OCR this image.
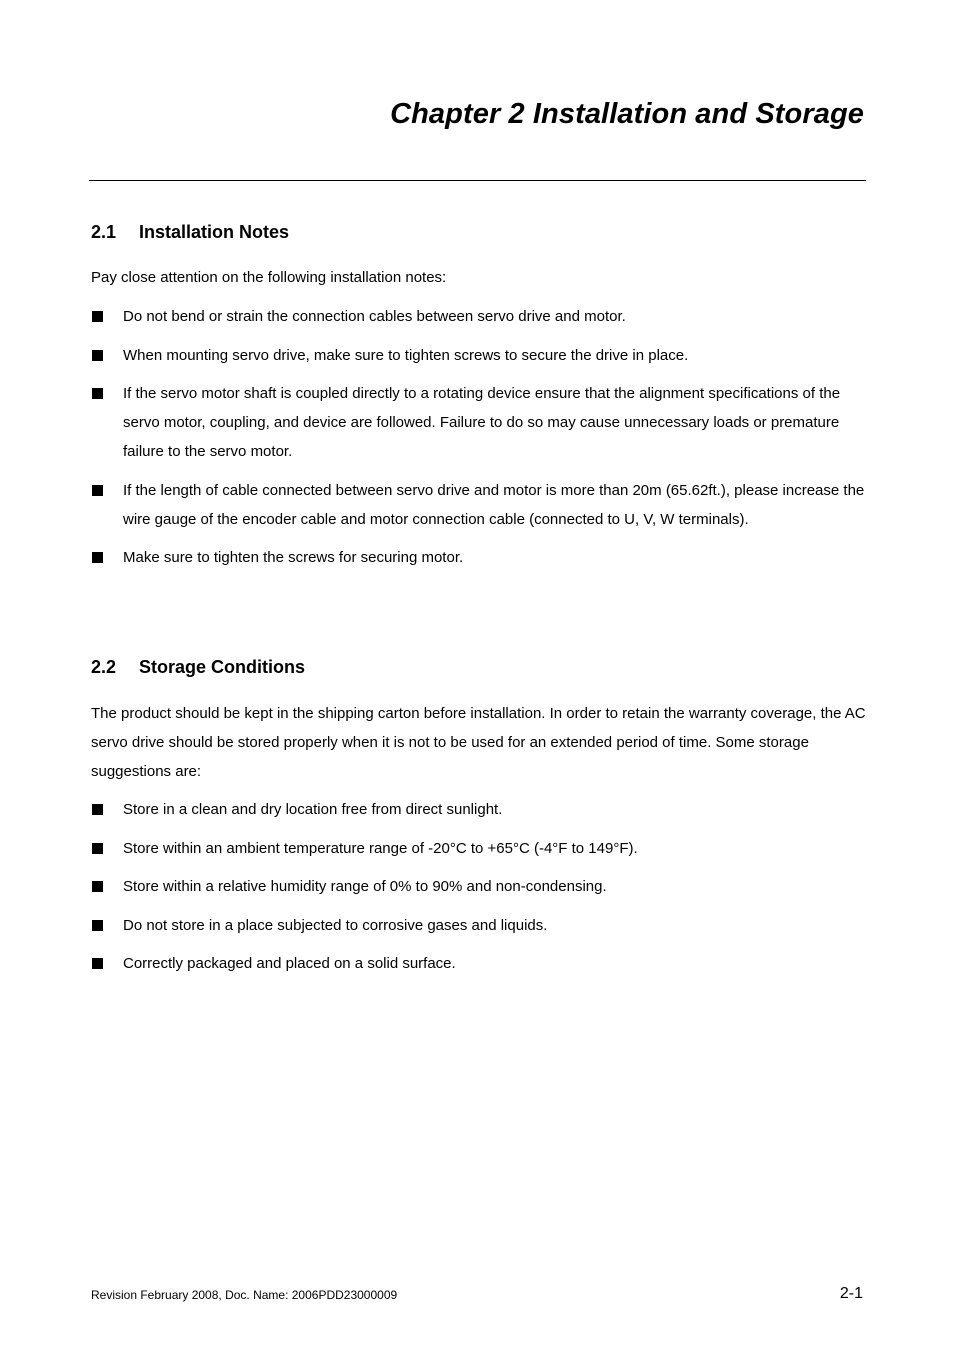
Chapter 2 Installation and Storage
2.1 Installation Notes

Pay close attention on the following installation notes:

Do not bend or strain the connection cables between servo drive and motor.
When mounting servo drive, make sure to tighten screws to secure the drive in place.
If the servo motor shaft is coupled directly to a rotating device ensure that the alignment specifications of the servo motor, coupling, and device are followed. Failure to do so may cause unnecessary loads or premature failure to the servo motor.
If the length of cable connected between servo drive and motor is more than 20m (65.62ft.), please increase the wire gauge of the encoder cable and motor connection cable (connected to U, V, W terminals).
Make sure to tighten the screws for securing motor.
2.2 Storage Conditions

The product should be kept in the shipping carton before installation. In order to retain the warranty coverage, the AC servo drive should be stored properly when it is not to be used for an extended period of time. Some storage suggestions are:

Store in a clean and dry location free from direct sunlight.
Store within an ambient temperature range of -20°C to +65°C (-4°F to 149°F).
Store within a relative humidity range of 0% to 90% and non-condensing.
Do not store in a place subjected to corrosive gases and liquids.
Correctly packaged and placed on a solid surface.
Revision February 2008, Doc. Name: 2006PDD23000009	2-1
